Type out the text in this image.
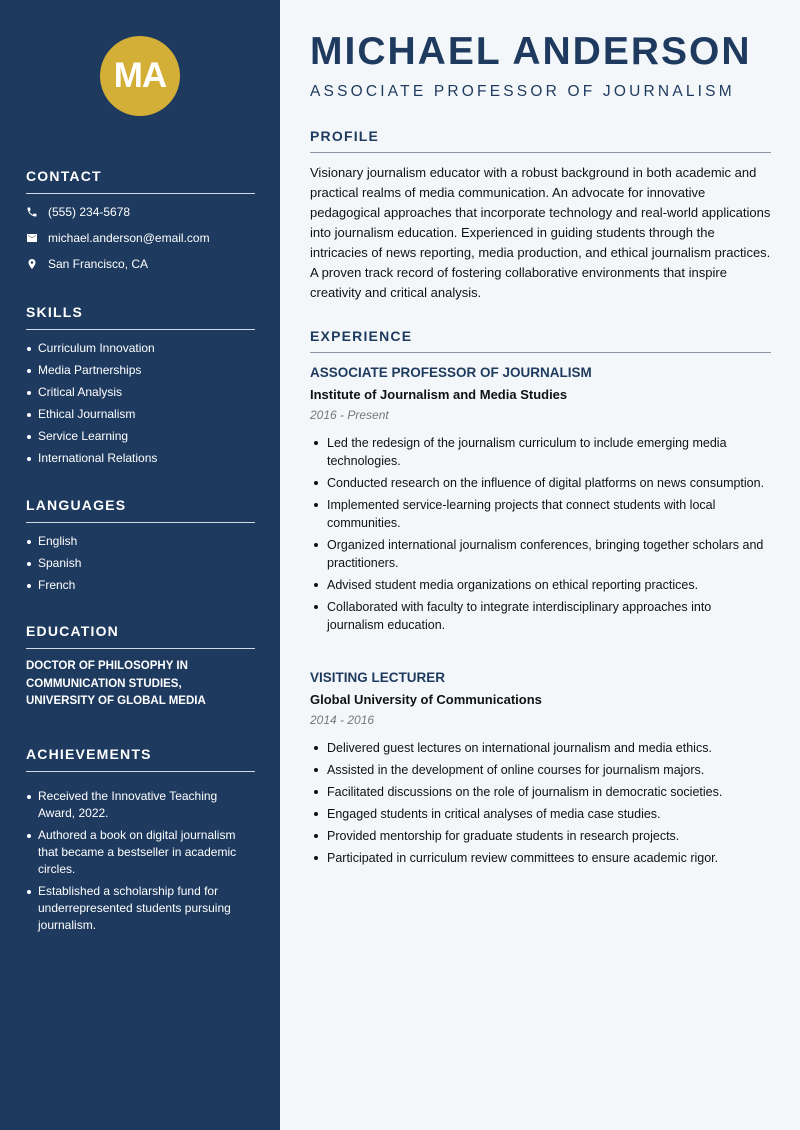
MA
CONTACT
(555) 234-5678
michael.anderson@email.com
San Francisco, CA
SKILLS
Curriculum Innovation
Media Partnerships
Critical Analysis
Ethical Journalism
Service Learning
International Relations
LANGUAGES
English
Spanish
French
EDUCATION
DOCTOR OF PHILOSOPHY IN COMMUNICATION STUDIES, UNIVERSITY OF GLOBAL MEDIA
ACHIEVEMENTS
Received the Innovative Teaching Award, 2022.
Authored a book on digital journalism that became a bestseller in academic circles.
Established a scholarship fund for underrepresented students pursuing journalism.
MICHAEL ANDERSON
ASSOCIATE PROFESSOR OF JOURNALISM
PROFILE
Visionary journalism educator with a robust background in both academic and practical realms of media communication. An advocate for innovative pedagogical approaches that incorporate technology and real-world applications into journalism education. Experienced in guiding students through the intricacies of news reporting, media production, and ethical journalism practices. A proven track record of fostering collaborative environments that inspire creativity and critical analysis.
EXPERIENCE
ASSOCIATE PROFESSOR OF JOURNALISM
Institute of Journalism and Media Studies
2016 - Present
Led the redesign of the journalism curriculum to include emerging media technologies.
Conducted research on the influence of digital platforms on news consumption.
Implemented service-learning projects that connect students with local communities.
Organized international journalism conferences, bringing together scholars and practitioners.
Advised student media organizations on ethical reporting practices.
Collaborated with faculty to integrate interdisciplinary approaches into journalism education.
VISITING LECTURER
Global University of Communications
2014 - 2016
Delivered guest lectures on international journalism and media ethics.
Assisted in the development of online courses for journalism majors.
Facilitated discussions on the role of journalism in democratic societies.
Engaged students in critical analyses of media case studies.
Provided mentorship for graduate students in research projects.
Participated in curriculum review committees to ensure academic rigor.
